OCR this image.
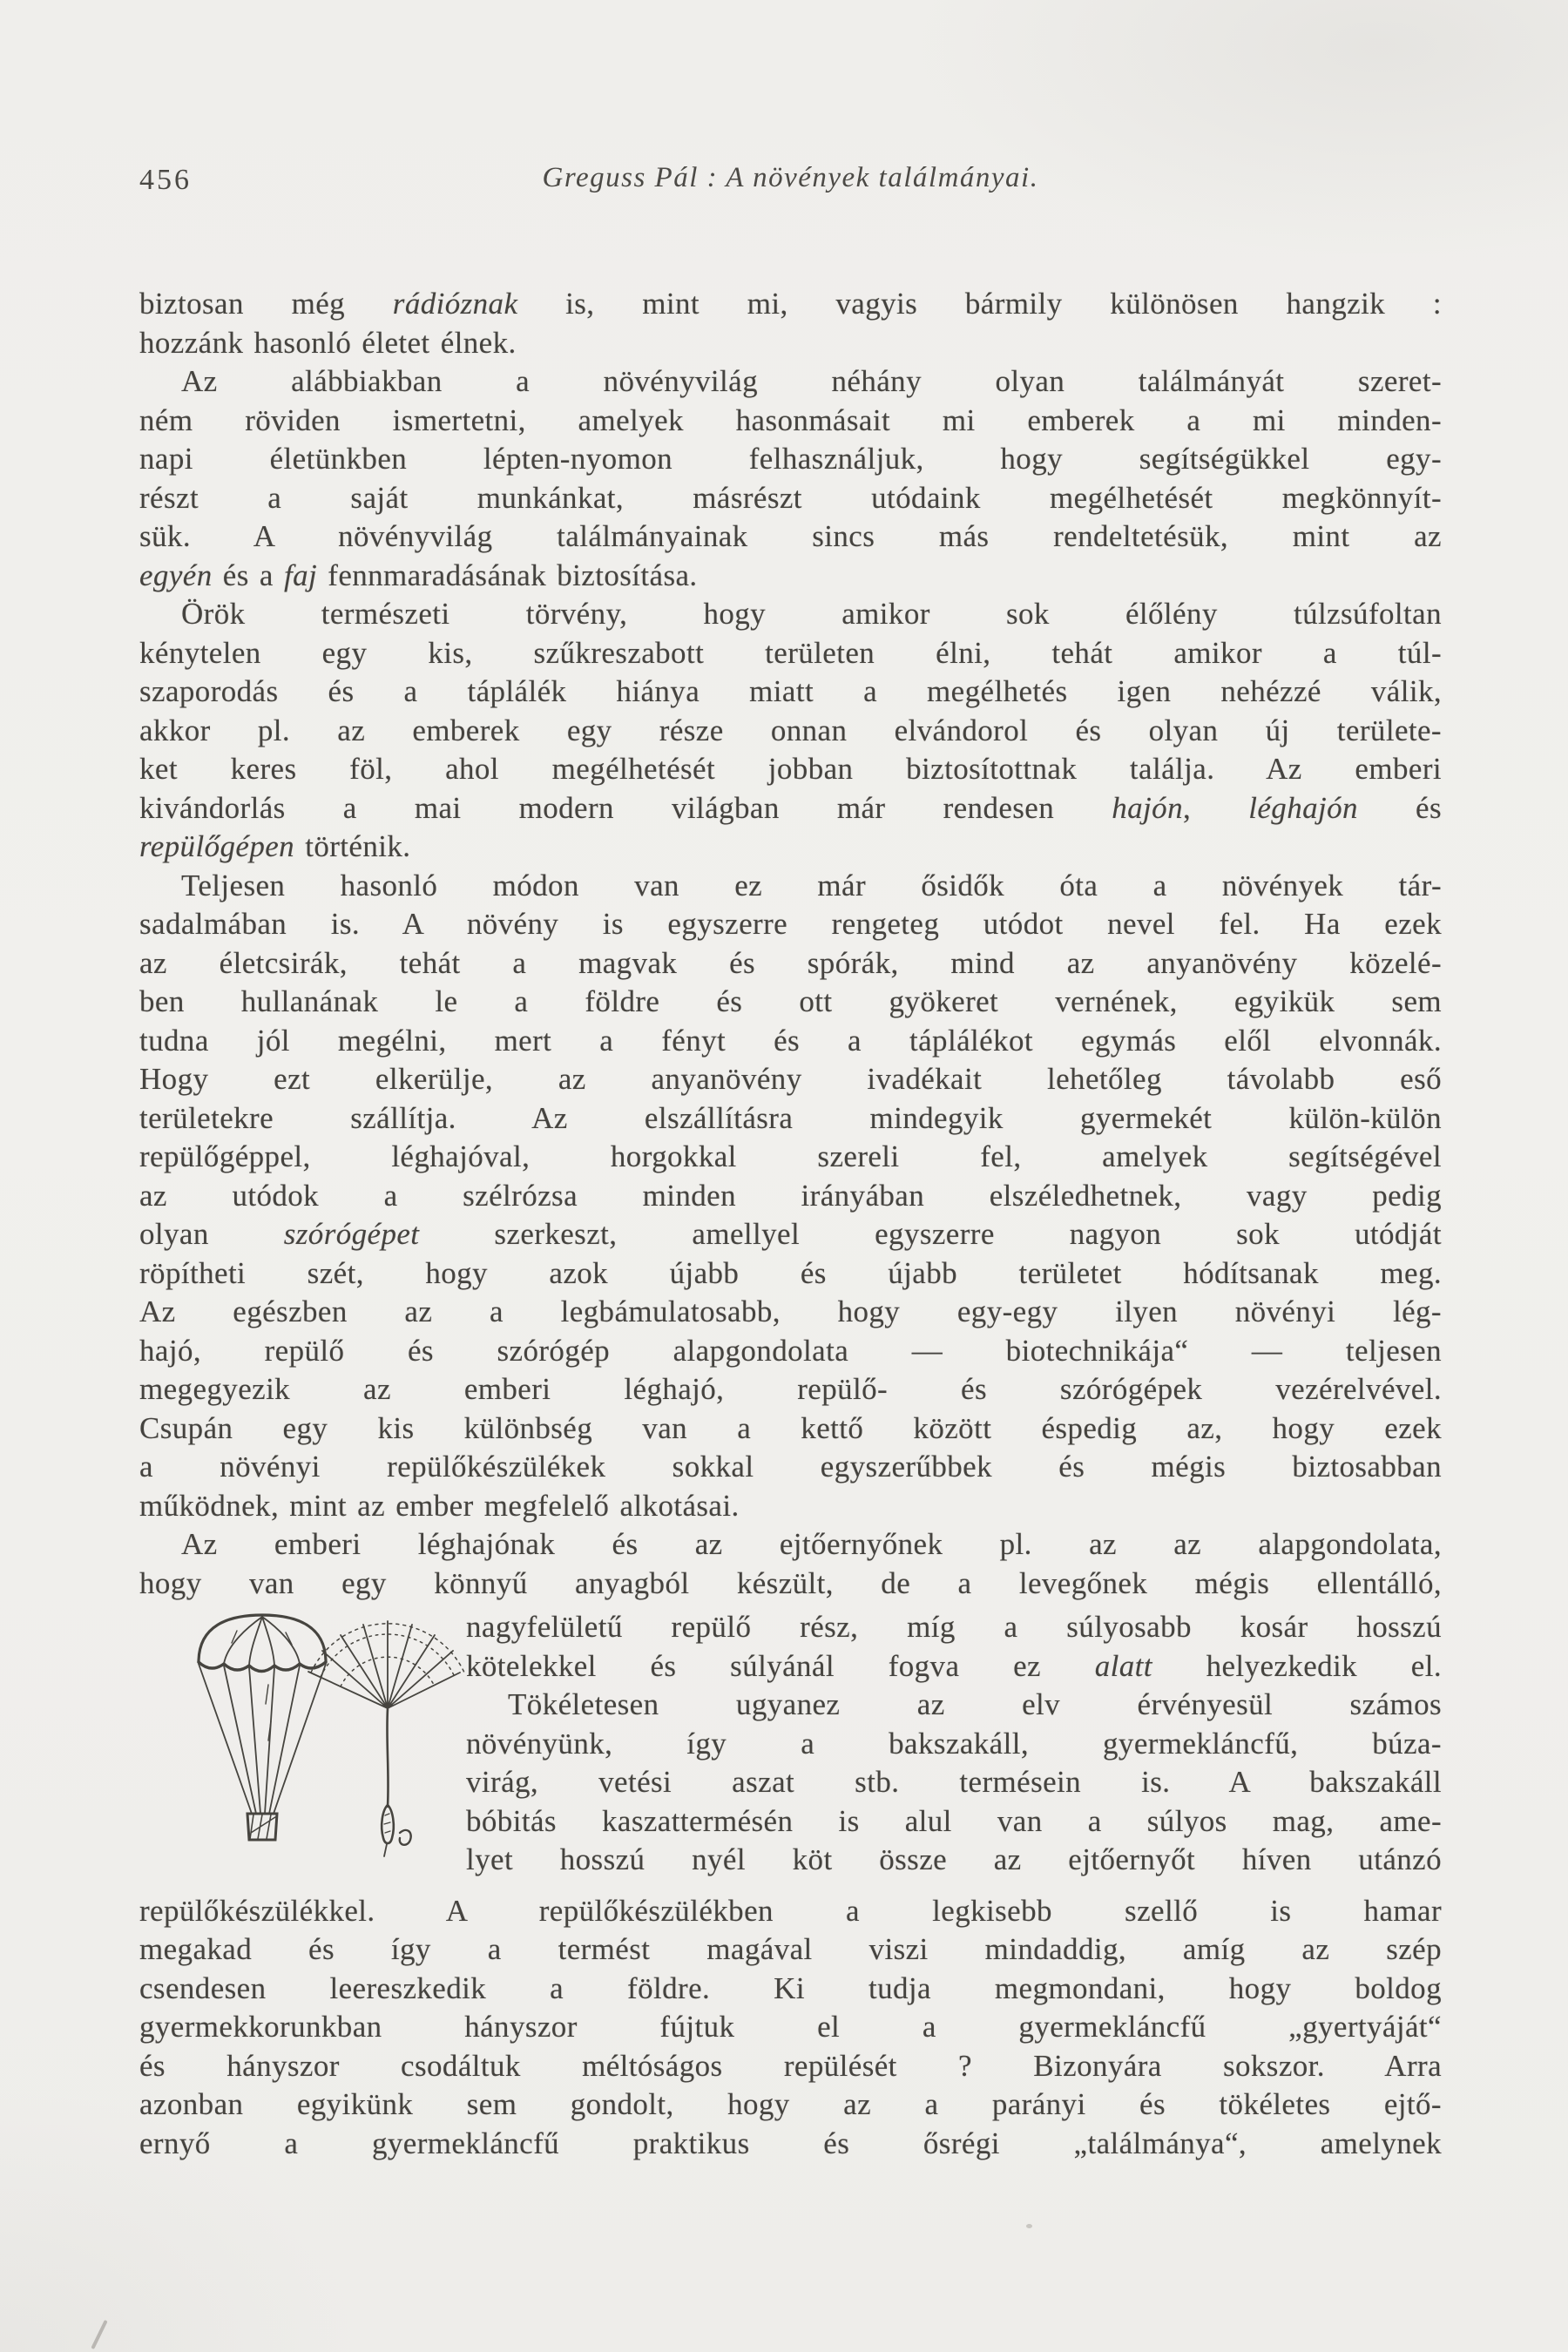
456	Greguss Pál : A növények találmányai.
biztosan még rádióznak is, mint mi, vagyis bármily különösen hangzik :
hozzánk hasonló életet élnek.
Az alábbiakban a növényvilág néhány olyan találmányát szeret-
ném röviden ismertetni, amelyek hasonmásait mi emberek a mi minden-
napi életünkben lépten-nyomon felhasználjuk, hogy segítségükkel egy-
részt a saját munkánkat, másrészt utódaink megélhetését megkönnyít-
sük. A növényvilág találmányainak sincs más rendeltetésük, mint az
egyén és a faj fennmaradásának biztosítása.
Örök természeti törvény, hogy amikor sok élőlény túlzsúfoltan
kénytelen egy kis, szűkreszabott területen élni, tehát amikor a túl-
szaporodás és a táplálék hiánya miatt a megélhetés igen nehézzé válik,
akkor pl. az emberek egy része onnan elvándorol és olyan új területe-
ket keres föl, ahol megélhetését jobban biztosítottnak találja. Az emberi
kivándorlás a mai modern világban már rendesen hajón, léghajón és
repülőgépen történik.
Teljesen hasonló módon van ez már ősidők óta a növények tár-
sadalmában is. A növény is egyszerre rengeteg utódot nevel fel. Ha ezek
az életcsirák, tehát a magvak és spórák, mind az anyanövény közelé-
ben hullanának le a földre és ott gyökeret vernének, egyikük sem
tudna jól megélni, mert a fényt és a táplálékot egymás elől elvonnák.
Hogy ezt elkerülje, az anyanövény ivadékait lehetőleg távolabb eső
területekre szállítja. Az elszállításra mindegyik gyermekét külön-külön
repülőgéppel, léghajóval, horgokkal szereli fel, amelyek segítségével
az utódok a szélrózsa minden irányában elszéledhetnek, vagy pedig
olyan szórógépet szerkeszt, amellyel egyszerre nagyon sok utódját
röpítheti szét, hogy azok újabb és újabb területet hódítsanak meg.
Az egészben az a legbámulatosabb, hogy egy-egy ilyen növényi lég-
hajó, repülő és szórógép alapgondolata — biotechnikája“ — teljesen
megegyezik az emberi léghajó, repülő- és szórógépek vezérelvével.
Csupán egy kis különbség van a kettő között éspedig az, hogy ezek
a növényi repülőkészülékek sokkal egyszerűbbek és mégis biztosabban
működnek, mint az ember megfelelő alkotásai.
Az emberi léghajónak és az ejtőernyőnek pl. az az alapgondolata,
hogy van egy könnyű anyagból készült, de a levegőnek mégis ellentálló,
nagyfelületű repülő rész, míg a súlyosabb kosár hosszú
kötelekkel és súlyánál fogva ez alatt helyezkedik el.
Tökéletesen ugyanez az elv érvényesül számos
növényünk, így a bakszakáll, gyermekláncfű, búza-
virág, vetési aszat stb. termésein is. A bakszakáll
bóbitás kaszattermésén is alul van a súlyos mag, ame-
lyet hosszú nyél köt össze az ejtőernyőt híven utánzó
repülőkészülékkel. A repülőkészülékben a legkisebb szellő is hamar
megakad és így a termést magával viszi mindaddig, amíg az szép
csendesen leereszkedik a földre. Ki tudja megmondani, hogy boldog
gyermekkorunkban hányszor fújtuk el a gyermekláncfű „gyertyáját“
és hányszor csodáltuk méltóságos repülését ? Bizonyára sokszor. Arra
azonban egyikünk sem gondolt, hogy az a parányi és tökéletes ejtő-
ernyő a gyermekláncfű praktikus és ősrégi „találmánya“, amelynek
